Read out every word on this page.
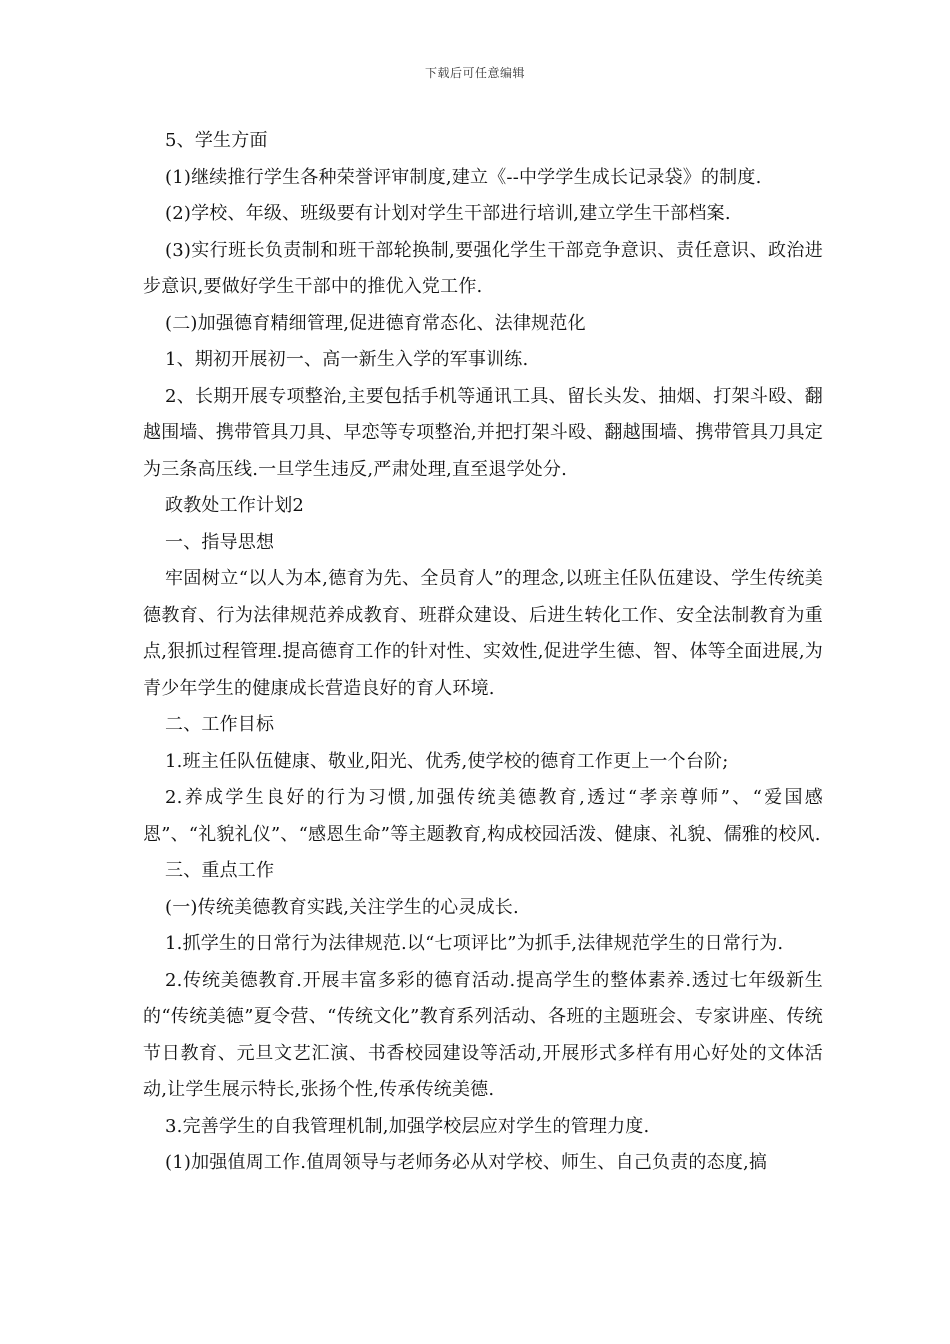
下载后可任意编辑

5、学生方面

(1)继续推行学生各种荣誉评审制度,建立《--中学学生成长记录袋》的制度.

(2)学校、年级、班级要有计划对学生干部进行培训,建立学生干部档案.

(3)实行班长负责制和班干部轮换制,要强化学生干部竞争意识、责任意识、政治进步意识,要做好学生干部中的推优入党工作.

(二)加强德育精细管理,促进德育常态化、法律规范化

1、期初开展初一、高一新生入学的军事训练.

2、长期开展专项整治,主要包括手机等通讯工具、留长头发、抽烟、打架斗殴、翻越围墙、携带管具刀具、早恋等专项整治,并把打架斗殴、翻越围墙、携带管具刀具定为三条高压线.一旦学生违反,严肃处理,直至退学处分.

政教处工作计划2

一、指导思想

牢固树立“以人为本,德育为先、全员育人”的理念,以班主任队伍建设、学生传统美德教育、行为法律规范养成教育、班群众建设、后进生转化工作、安全法制教育为重点,狠抓过程管理.提高德育工作的针对性、实效性,促进学生德、智、体等全面进展,为青少年学生的健康成长营造良好的育人环境.

二、工作目标

1.班主任队伍健康、敬业,阳光、优秀,使学校的德育工作更上一个台阶;

2.养成学生良好的行为习惯,加强传统美德教育,透过“孝亲尊师”、“爱国感恩”、“礼貌礼仪”、“感恩生命”等主题教育,构成校园活泼、健康、礼貌、儒雅的校风.

三、重点工作

(一)传统美德教育实践,关注学生的心灵成长.

1.抓学生的日常行为法律规范.以“七项评比”为抓手,法律规范学生的日常行为.

2.传统美德教育.开展丰富多彩的德育活动.提高学生的整体素养.透过七年级新生的“传统美德”夏令营、“传统文化”教育系列活动、各班的主题班会、专家讲座、传统节日教育、元旦文艺汇演、书香校园建设等活动,开展形式多样有用心好处的文体活动,让学生展示特长,张扬个性,传承传统美德.

3.完善学生的自我管理机制,加强学校层应对学生的管理力度.

(1)加强值周工作.值周领导与老师务必从对学校、师生、自己负责的态度,搞
